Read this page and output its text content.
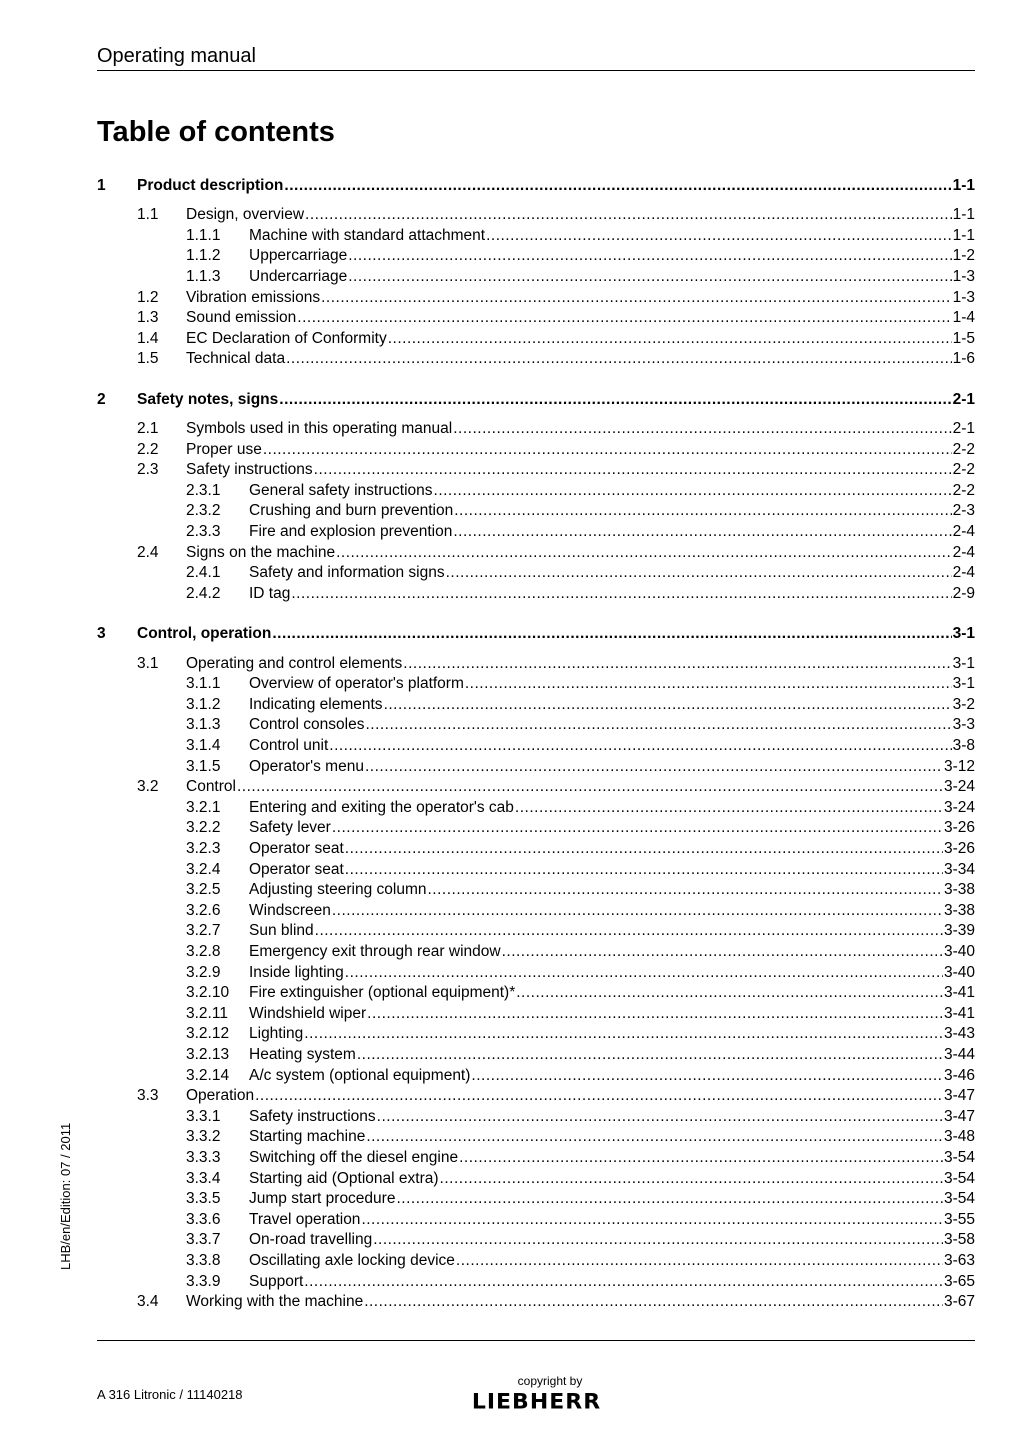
Operating manual
Table of contents
1 Product description .....	1-1
1.1 Design, overview .....	1-1
1.1.1 Machine with standard attachment .....	1-1
1.1.2 Uppercarriage .....	1-2
1.1.3 Undercarriage .....	1-3
1.2 Vibration emissions .....	1-3
1.3 Sound emission .....	1-4
1.4 EC Declaration of Conformity .....	1-5
1.5 Technical data .....	1-6
2 Safety notes, signs .....	2-1
2.1 Symbols used in this operating manual .....	2-1
2.2 Proper use .....	2-2
2.3 Safety instructions .....	2-2
2.3.1 General safety instructions .....	2-2
2.3.2 Crushing and burn prevention .....	2-3
2.3.3 Fire and explosion prevention .....	2-4
2.4 Signs on the machine .....	2-4
2.4.1 Safety and information signs .....	2-4
2.4.2 ID tag .....	2-9
3 Control, operation .....	3-1
3.1 Operating and control elements .....	3-1
3.1.1 Overview of operator's platform .....	3-1
3.1.2 Indicating elements .....	3-2
3.1.3 Control consoles .....	3-3
3.1.4 Control unit .....	3-8
3.1.5 Operator's menu .....	3-12
3.2 Control .....	3-24
3.2.1 Entering and exiting the operator's cab .....	3-24
3.2.2 Safety lever .....	3-26
3.2.3 Operator seat .....	3-26
3.2.4 Operator seat .....	3-34
3.2.5 Adjusting steering column .....	3-38
3.2.6 Windscreen .....	3-38
3.2.7 Sun blind .....	3-39
3.2.8 Emergency exit through rear window .....	3-40
3.2.9 Inside lighting .....	3-40
3.2.10 Fire extinguisher (optional equipment)* .....	3-41
3.2.11 Windshield wiper .....	3-41
3.2.12 Lighting .....	3-43
3.2.13 Heating system .....	3-44
3.2.14 A/c system (optional equipment) .....	3-46
3.3 Operation .....	3-47
3.3.1 Safety instructions .....	3-47
3.3.2 Starting machine .....	3-48
3.3.3 Switching off the diesel engine .....	3-54
3.3.4 Starting aid (Optional extra) .....	3-54
3.3.5 Jump start procedure .....	3-54
3.3.6 Travel operation .....	3-55
3.3.7 On-road travelling .....	3-58
3.3.8 Oscillating axle locking device .....	3-63
3.3.9 Support .....	3-65
3.4 Working with the machine .....	3-67
LHB/en/Edition: 07 / 2011
A 316 Litronic / 11140218
copyright by
LIEBHERR
